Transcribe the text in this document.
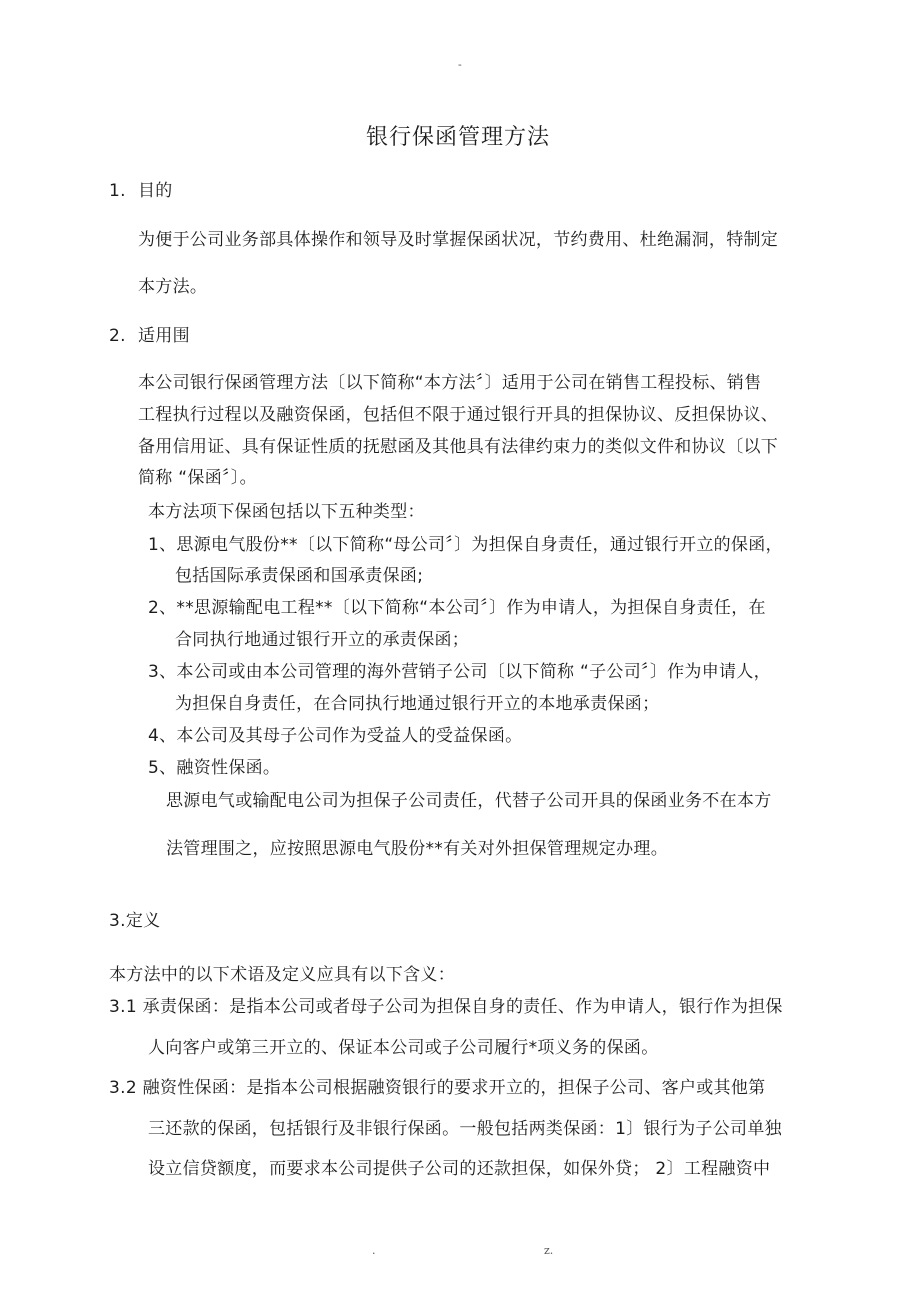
-
银行保函管理方法
1. 目的
为便于公司业务部具体操作和领导及时掌握保函状况，节约费用、杜绝漏洞，特制定
本方法。
2. 适用围
本公司银行保函管理方法〔以下简称“本方法〞〕适用于公司在销售工程投标、销售
工程执行过程以及融资保函，包括但不限于通过银行开具的担保协议、反担保协议、
备用信用证、具有保证性质的抚慰函及其他具有法律约束力的类似文件和协议〔以下
简称 “保函〞〕。
本方法项下保函包括以下五种类型：
1、思源电气股份**〔以下简称“母公司〞〕为担保自身责任，通过银行开立的保函，
包括国际承责保函和国承责保函;
2、**思源输配电工程**〔以下简称“本公司〞〕作为申请人，为担保自身责任，在
合同执行地通过银行开立的承责保函；
3、本公司或由本公司管理的海外营销子公司〔以下简称 “子公司〞〕作为申请人，
为担保自身责任，在合同执行地通过银行开立的本地承责保函；
4、本公司及其母子公司作为受益人的受益保函。
5、融资性保函。
思源电气或输配电公司为担保子公司责任，代替子公司开具的保函业务不在本方
法管理围之，应按照思源电气股份**有关对外担保管理规定办理。
3.定义
本方法中的以下术语及定义应具有以下含义：
3.1 承责保函：是指本公司或者母子公司为担保自身的责任、作为申请人，银行作为担保
人向客户或第三开立的、保证本公司或子公司履行*项义务的保函。
3.2 融资性保函：是指本公司根据融资银行的要求开立的，担保子公司、客户或其他第
三还款的保函，包括银行及非银行保函。一般包括两类保函：1〕银行为子公司单独
设立信贷额度，而要求本公司提供子公司的还款担保，如保外贷； 2〕工程融资中
.	z.
